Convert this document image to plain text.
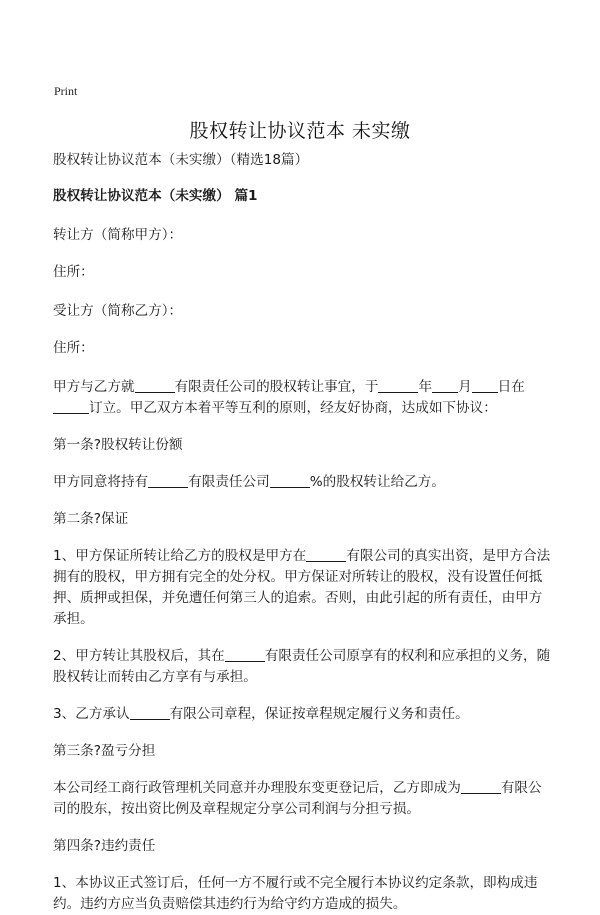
Print
股权转让协议范本 未实缴

股权转让协议范本（未实缴）（精选18篇）

股权转让协议范本（未实缴） 篇1

转让方（简称甲方）：

住所：

受让方（简称乙方）：

住所：

甲方与乙方就	有限责任公司的股权转让事宜，于	年 月 日在
订立。甲乙双方本着平等互利的原则，经友好协商，达成如下协议：

第一条?股权转让份额

甲方同意将持有	有限责任公司	%的股权转让给乙方。

第二条?保证

1、甲方保证所转让给乙方的股权是甲方在	有限公司的真实出资，是甲方合法拥有的股权，甲方拥有完全的处分权。甲方保证对所转让的股权，没有设置任何抵押、质押或担保，并免遭任何第三人的追索。否则，由此引起的所有责任，由甲方承担。

2、甲方转让其股权后，其在	有限责任公司原享有的权利和应承担的义务，随股权转让而转由乙方享有与承担。

3、乙方承认	有限公司章程，保证按章程规定履行义务和责任。

第三条?盈亏分担

本公司经工商行政管理机关同意并办理股东变更登记后，乙方即成为	有限公司的股东，按出资比例及章程规定分享公司利润与分担亏损。

第四条?违约责任

1、本协议正式签订后，任何一方不履行或不完全履行本协议约定条款，即构成违约。违约方应当负责赔偿其违约行为给守约方造成的损失。
